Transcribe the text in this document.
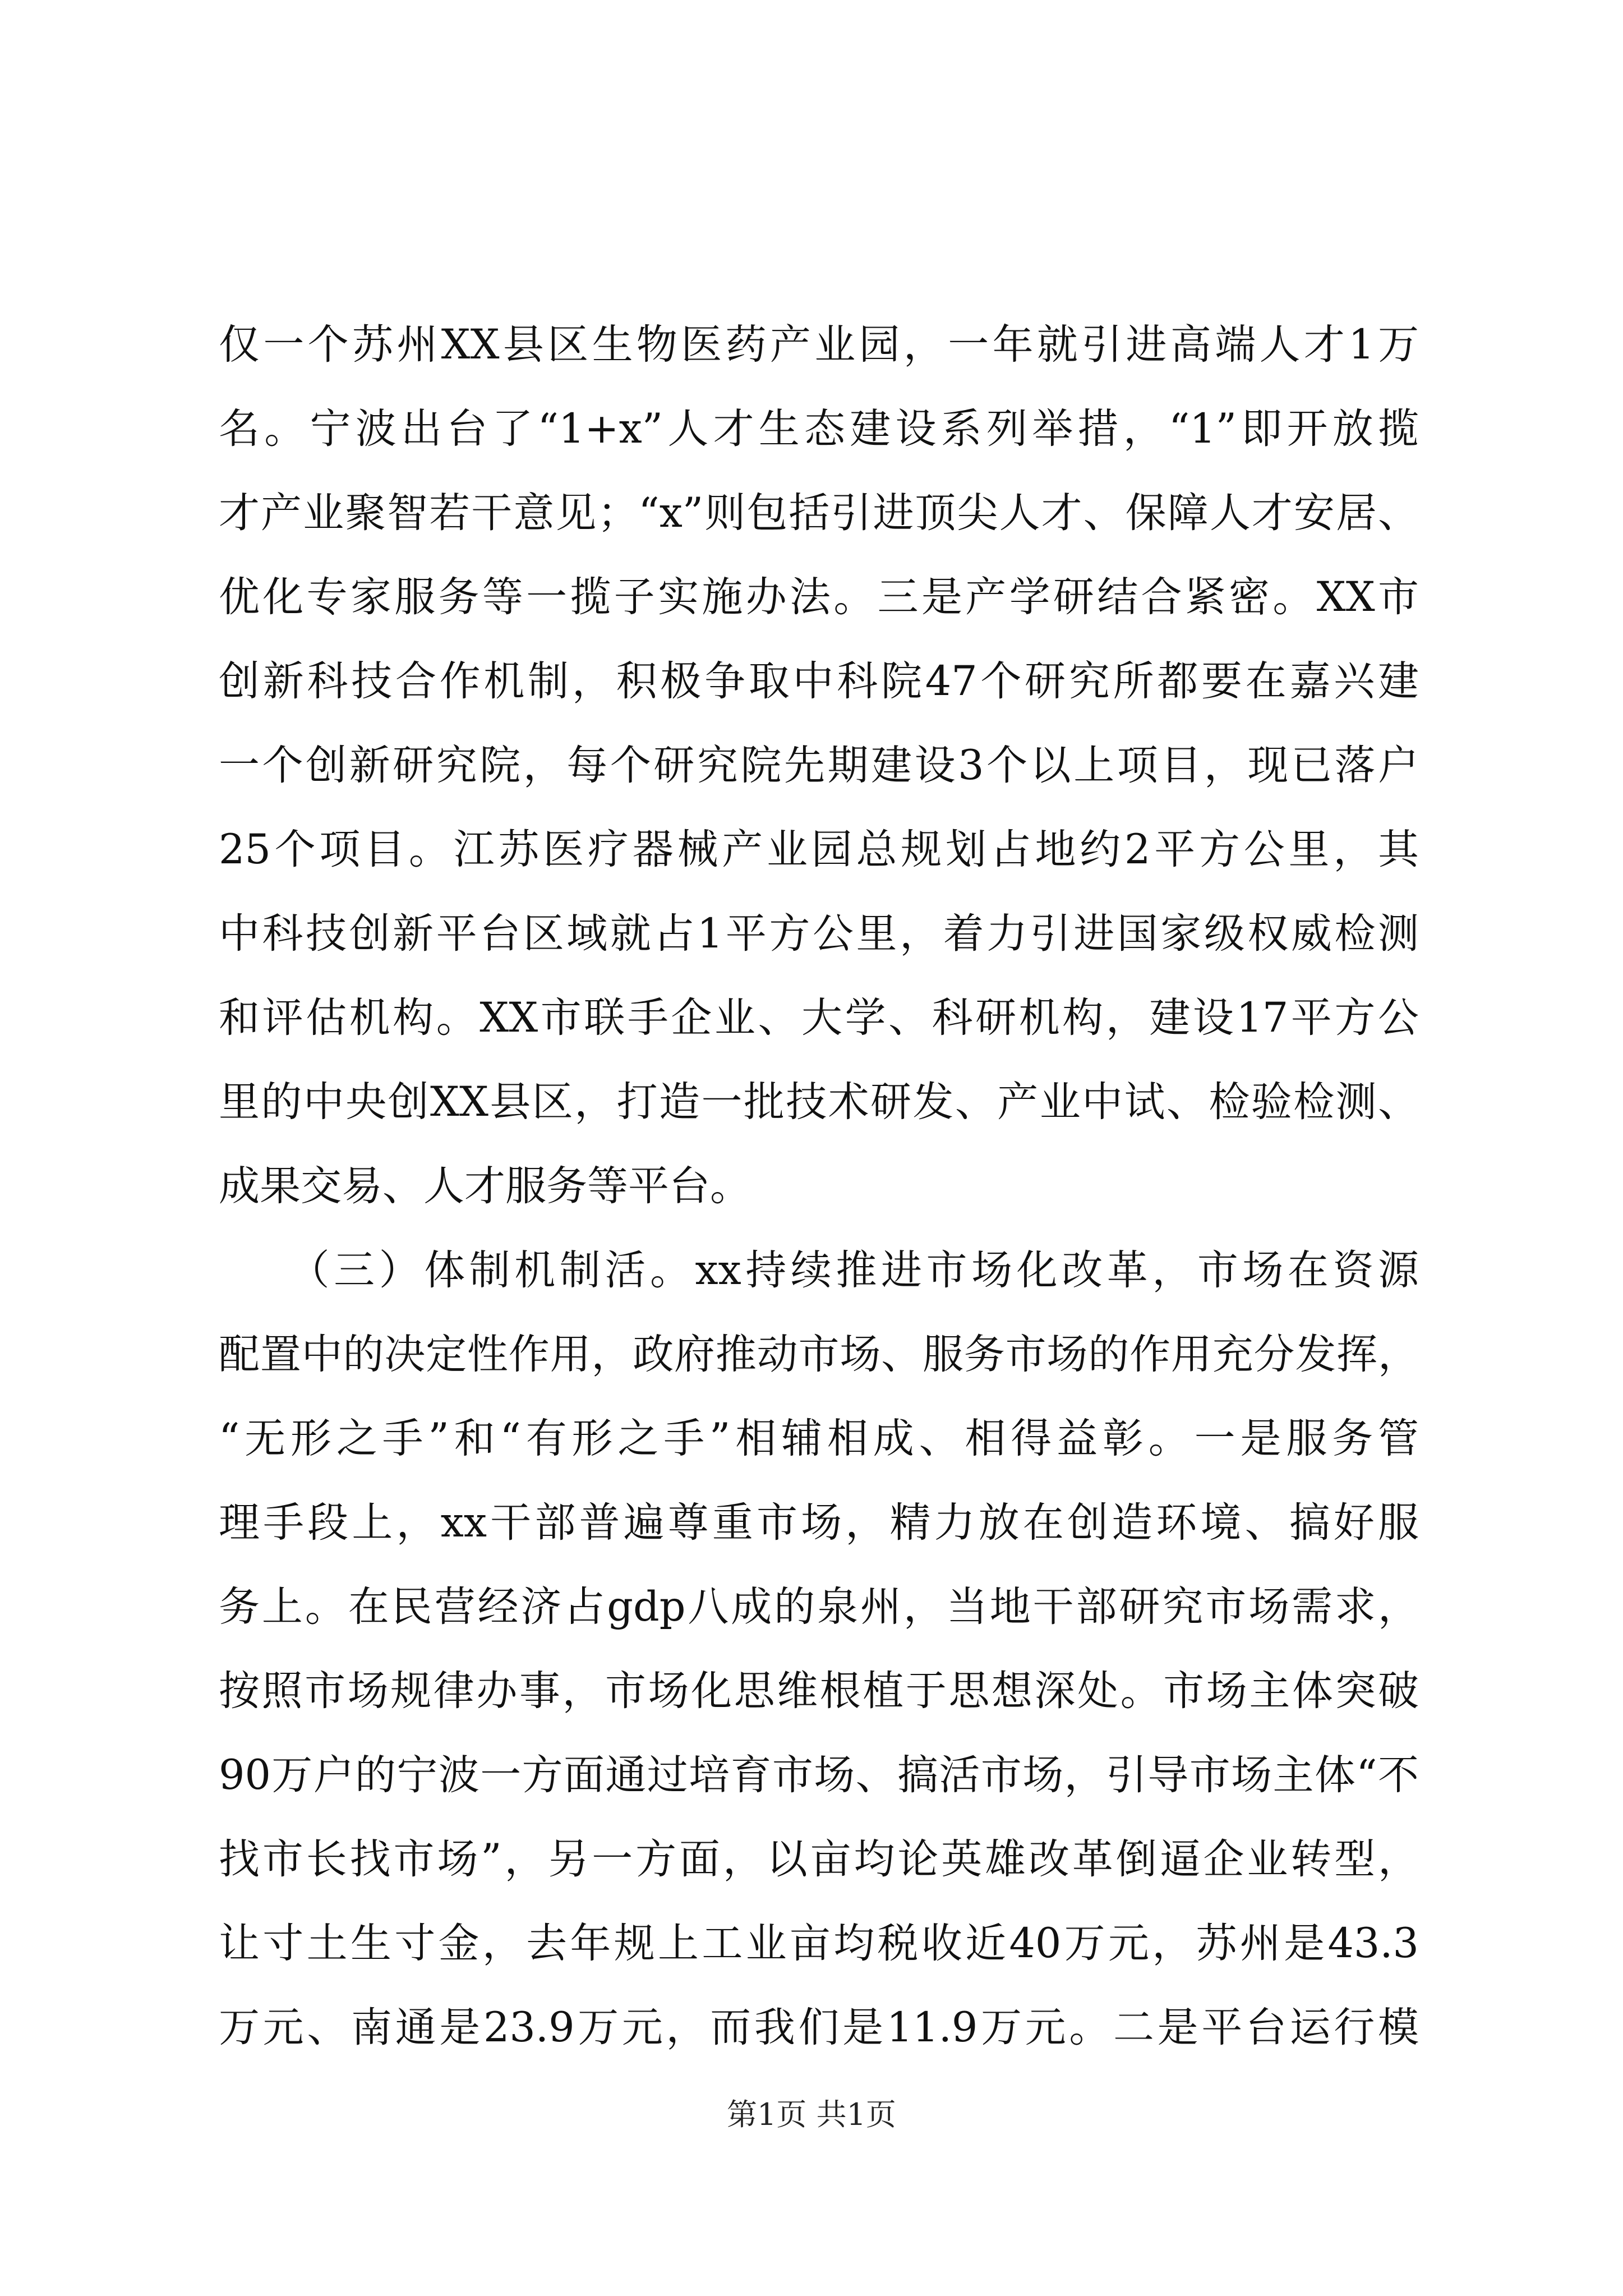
仅一个苏州XX县区生物医药产业园，一年就引进高端人才1万
名。宁波出台了“1+x”人才生态建设系列举措，“1”即开放揽
才产业聚智若干意见；“x”则包括引进顶尖人才、保障人才安居、
优化专家服务等一揽子实施办法。三是产学研结合紧密。XX市
创新科技合作机制，积极争取中科院47个研究所都要在嘉兴建
一个创新研究院，每个研究院先期建设3个以上项目，现已落户
25个项目。江苏医疗器械产业园总规划占地约2平方公里，其
中科技创新平台区域就占1平方公里，着力引进国家级权威检测
和评估机构。XX市联手企业、大学、科研机构，建设17平方公
里的中央创XX县区，打造一批技术研发、产业中试、检验检测、
成果交易、人才服务等平台。
　　（三）体制机制活。xx持续推进市场化改革，市场在资源
配置中的决定性作用，政府推动市场、服务市场的作用充分发挥，
“无形之手”和“有形之手”相辅相成、相得益彰。一是服务管
理手段上，xx干部普遍尊重市场，精力放在创造环境、搞好服
务上。在民营经济占gdp八成的泉州，当地干部研究市场需求，
按照市场规律办事，市场化思维根植于思想深处。市场主体突破
90万户的宁波一方面通过培育市场、搞活市场，引导市场主体“不
找市长找市场”，另一方面，以亩均论英雄改革倒逼企业转型，
让寸土生寸金，去年规上工业亩均税收近40万元，苏州是43.3
万元、南通是23.9万元，而我们是11.9万元。二是平台运行模
第1页 共1页
